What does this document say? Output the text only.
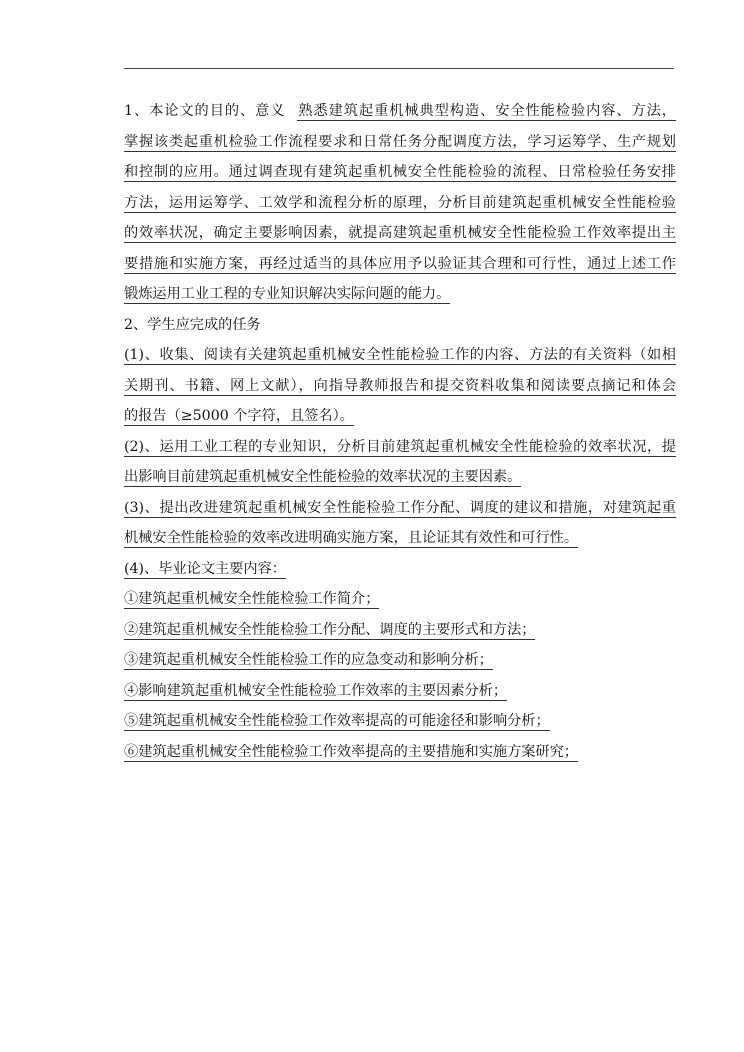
1、本论文的目的、意义 熟悉建筑起重机械典型构造、安全性能检验内容、方法，
掌握该类起重机检验工作流程要求和日常任务分配调度方法，学习运筹学、生产规划
和控制的应用。通过调查现有建筑起重机械安全性能检验的流程、日常检验任务安排
方法，运用运筹学、工效学和流程分析的原理，分析目前建筑起重机械安全性能检验
的效率状况，确定主要影响因素，就提高建筑起重机械安全性能检验工作效率提出主
要措施和实施方案，再经过适当的具体应用予以验证其合理和可行性，通过上述工作
锻炼运用工业工程的专业知识解决实际问题的能力。
2、学生应完成的任务
(1)、收集、阅读有关建筑起重机械安全性能检验工作的内容、方法的有关资料（如相
关期刊、书籍、网上文献），向指导教师报告和提交资料收集和阅读要点摘记和体会
的报告（≥5000 个字符，且签名）。
(2)、运用工业工程的专业知识，分析目前建筑起重机械安全性能检验的效率状况，提
出影响目前建筑起重机械安全性能检验的效率状况的主要因素。
(3)、提出改进建筑起重机械安全性能检验工作分配、调度的建议和措施，对建筑起重
机械安全性能检验的效率改进明确实施方案，且论证其有效性和可行性。
(4)、毕业论文主要内容：
①建筑起重机械安全性能检验工作简介；
②建筑起重机械安全性能检验工作分配、调度的主要形式和方法；
③建筑起重机械安全性能检验工作的应急变动和影响分析；
④影响建筑起重机械安全性能检验工作效率的主要因素分析；
⑤建筑起重机械安全性能检验工作效率提高的可能途径和影响分析；
⑥建筑起重机械安全性能检验工作效率提高的主要措施和实施方案研究；
